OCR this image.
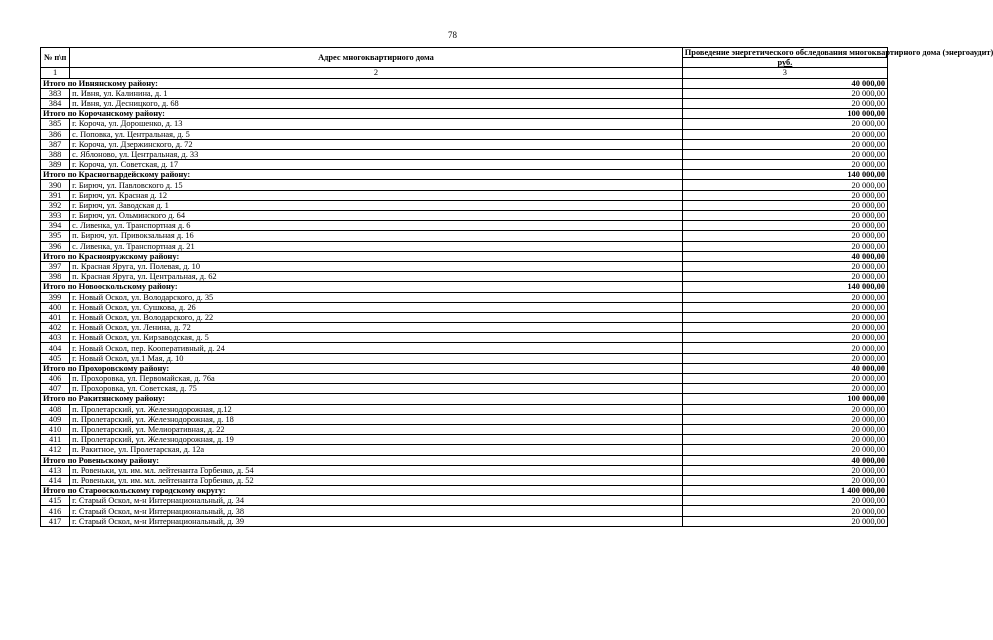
78
№ п\п	Адрес многоквартирного дома	Проведение энергетического обследования многоквартирного дома (энергоаудит)
		руб.
1	2	3
Итого по Ивнянскому району:		40 000,00
383	п. Ивня, ул. Калинина, д. 1	20 000,00
384	п. Ивня, ул. Десницкого, д. 68	20 000,00
Итого по Корочанскому району:		100 000,00
385	г. Короча, ул. Дорошенко, д. 13	20 000,00
386	с. Поповка, ул. Центральная, д. 5	20 000,00
387	г. Короча, ул. Дзержинского, д. 72	20 000,00
388	с. Яблоново, ул. Центральная, д. 33	20 000,00
389	г. Короча, ул. Советская, д. 17	20 000,00
Итого по Красногвардейскому району:		140 000,00
390	г. Бирюч, ул. Павловского д. 15	20 000,00
391	г. Бирюч, ул. Красная д. 12	20 000,00
392	г. Бирюч, ул. Заводская д. 1	20 000,00
393	г. Бирюч, ул. Ольминского д. 64	20 000,00
394	с. Ливенка, ул. Транспортная д. 6	20 000,00
395	п. Бирюч, ул. Привокзальная д. 16	20 000,00
396	с. Ливенка, ул. Транспортная д. 21	20 000,00
Итого по Краснояружскому району:		40 000,00
397	п. Красная Яруга, ул. Полевая, д. 10	20 000,00
398	п. Красная Яруга, ул. Центральная, д. 62	20 000,00
Итого по Новооскольскому району:		140 000,00
399	г. Новый Оскол, ул. Володарского, д. 35	20 000,00
400	г. Новый Оскол, ул. Сушкова, д. 26	20 000,00
401	г. Новый Оскол, ул. Володарского, д. 22	20 000,00
402	г. Новый Оскол, ул. Ленина, д. 72	20 000,00
403	г. Новый Оскол, ул. Кирзаводская, д. 5	20 000,00
404	г. Новый Оскол, пер. Кооперативный, д. 24	20 000,00
405	г. Новый Оскол, ул.1 Мая, д. 10	20 000,00
Итого по Прохоровскому району:		40 000,00
406	п. Прохоровка, ул. Первомайская, д. 76а	20 000,00
407	п. Прохоровка, ул. Советская, д. 75	20 000,00
Итого по Ракитянскому району:		100 000,00
408	п. Пролетарский, ул. Железнодорожная, д.12	20 000,00
409	п. Пролетарский, ул. Железнодорожная, д. 18	20 000,00
410	п. Пролетарский, ул. Мелиоративная, д. 22	20 000,00
411	п. Пролетарский, ул. Железнодорожная, д. 19	20 000,00
412	п. Ракитное, ул. Пролетарская, д. 12а	20 000,00
Итого по Ровеньскому району:		40 000,00
413	п. Ровеньки, ул. им. мл. лейтенанта Горбенко, д. 54	20 000,00
414	п. Ровеньки, ул. им. мл. лейтенанта Горбенко, д. 52	20 000,00
Итого по Старооскольскому городскому округу:		1 400 000,00
415	г. Старый Оскол, м-н Интернациональный, д. 34	20 000,00
416	г. Старый Оскол, м-н Интернациональный, д. 38	20 000,00
417	г. Старый Оскол, м-н Интернациональный, д. 39	20 000,00
